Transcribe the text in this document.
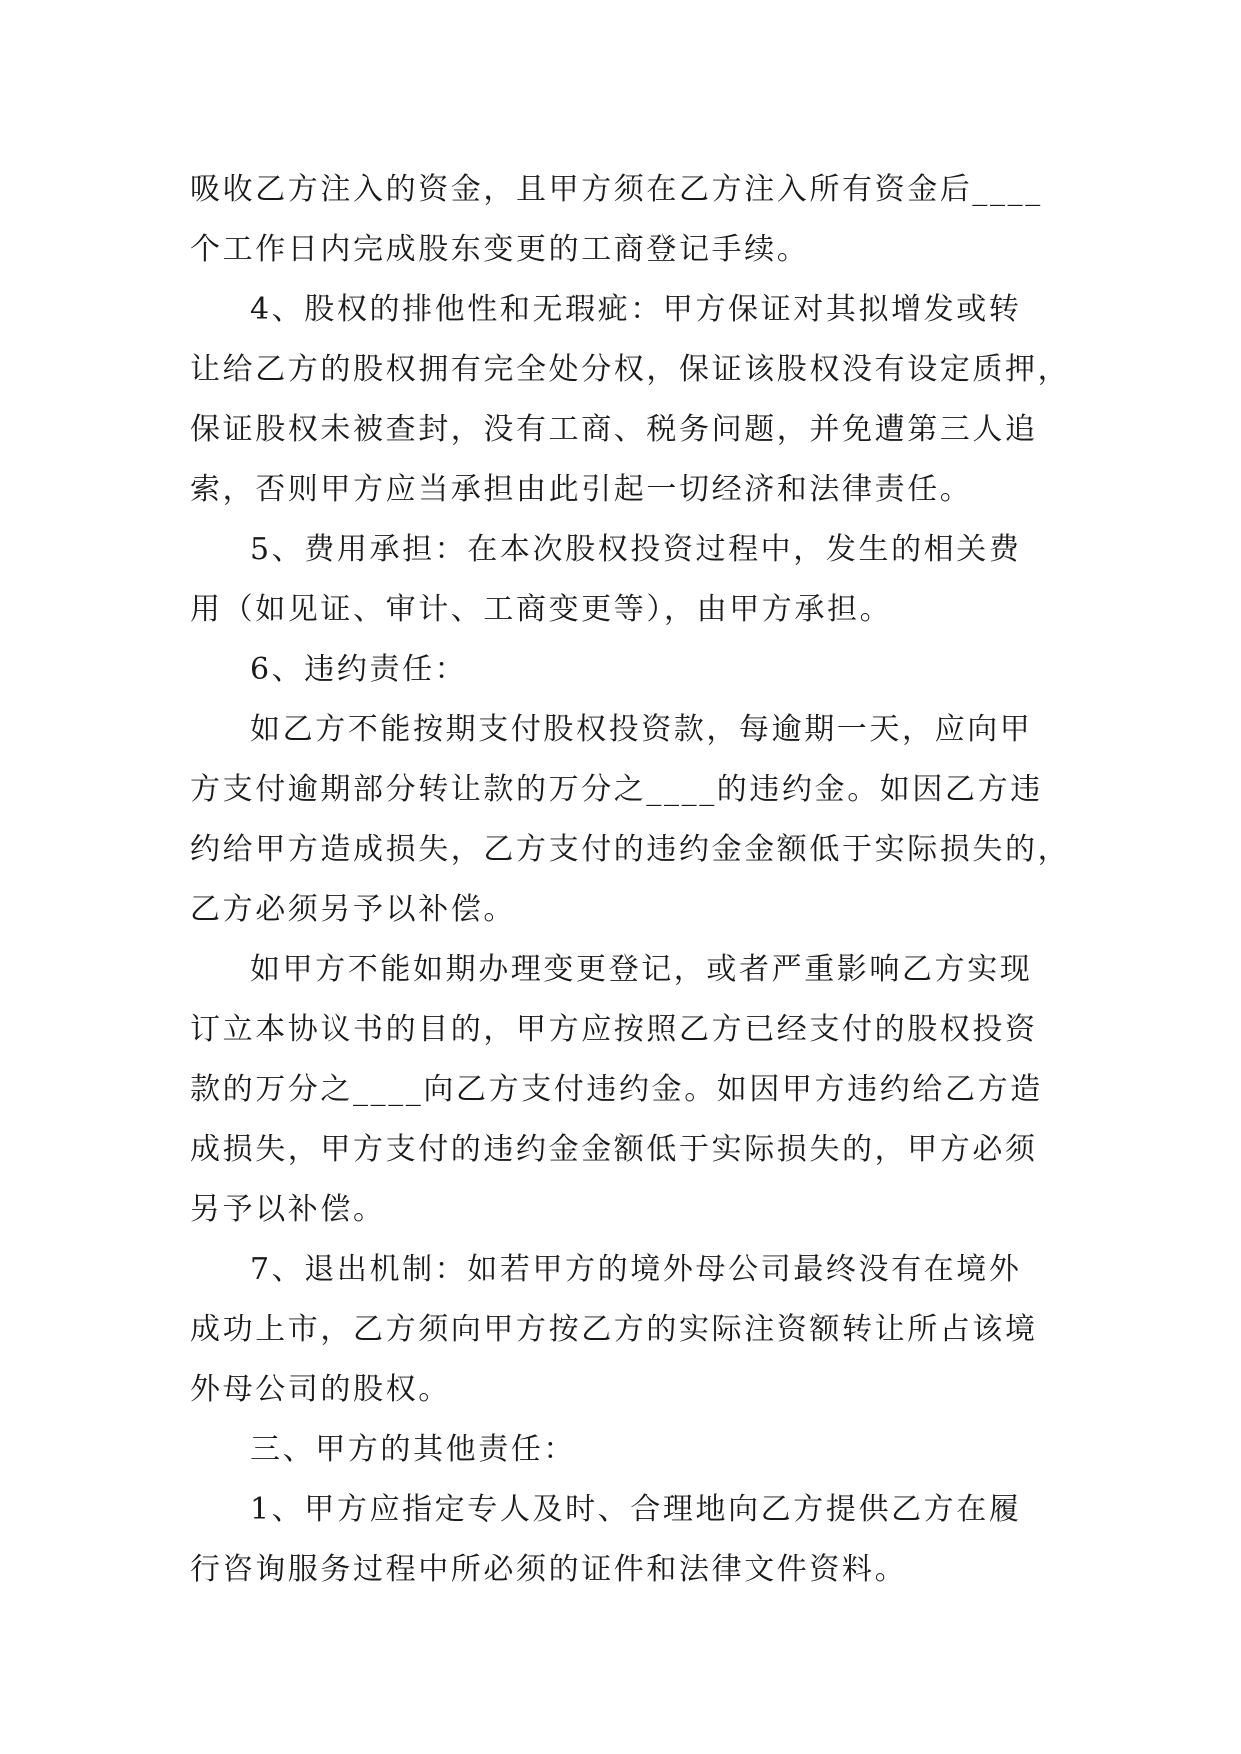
吸收乙方注入的资金，且甲方须在乙方注入所有资金后____
个工作日内完成股东变更的工商登记手续。
4、股权的排他性和无瑕疵：甲方保证对其拟增发或转
让给乙方的股权拥有完全处分权，保证该股权没有设定质押，
保证股权未被查封，没有工商、税务问题，并免遭第三人追
索，否则甲方应当承担由此引起一切经济和法律责任。
5、费用承担：在本次股权投资过程中，发生的相关费
用（如见证、审计、工商变更等），由甲方承担。
6、违约责任：
如乙方不能按期支付股权投资款，每逾期一天，应向甲
方支付逾期部分转让款的万分之____的违约金。如因乙方违
约给甲方造成损失，乙方支付的违约金金额低于实际损失的，
乙方必须另予以补偿。
如甲方不能如期办理变更登记，或者严重影响乙方实现
订立本协议书的目的，甲方应按照乙方已经支付的股权投资
款的万分之____向乙方支付违约金。如因甲方违约给乙方造
成损失，甲方支付的违约金金额低于实际损失的，甲方必须
另予以补偿。
7、退出机制：如若甲方的境外母公司最终没有在境外
成功上市，乙方须向甲方按乙方的实际注资额转让所占该境
外母公司的股权。
三、甲方的其他责任：
1、甲方应指定专人及时、合理地向乙方提供乙方在履
行咨询服务过程中所必须的证件和法律文件资料。
